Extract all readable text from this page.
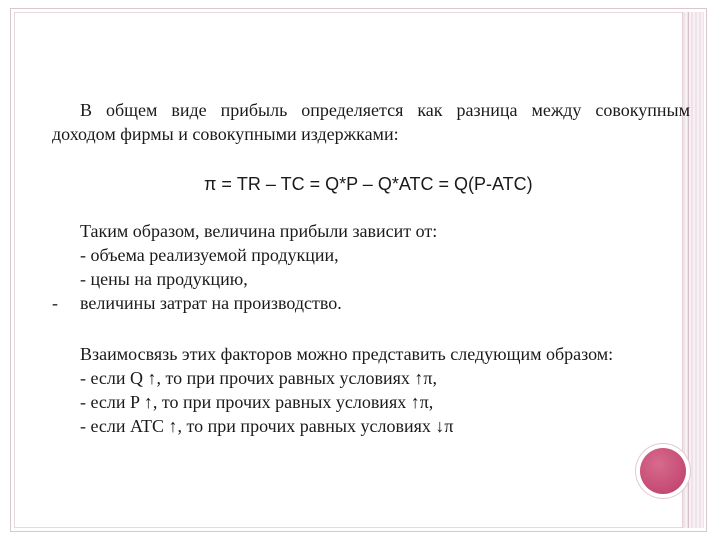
В общем виде прибыль определяется как разница между совокупным
доходом фирмы и совокупными издержками:
π = TR – TC = Q*P – Q*ATC = Q(P-ATC)
Таким образом, величина прибыли зависит от:
- объема реализуемой продукции,
- цены на продукцию,
- величины затрат на производство.
Взаимосвязь этих факторов можно представить следующим образом:
- если Q ↑, то при прочих равных условиях ↑π,
- если P ↑, то при прочих равных условиях ↑π,
- если ATC ↑, то при прочих равных условиях ↓π
